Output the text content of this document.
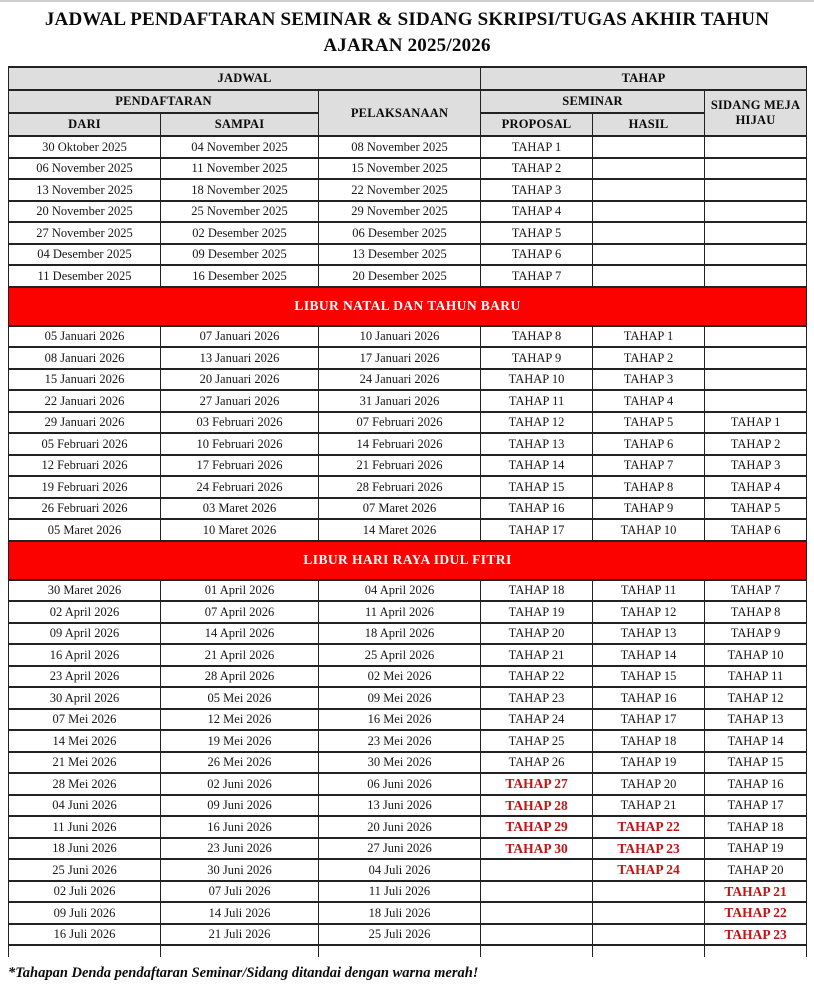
JADWAL PENDAFTARAN SEMINAR & SIDANG SKRIPSI/TUGAS AKHIR TAHUN AJARAN 2025/2026
JADWAL			TAHAP		
PENDAFTARAN		PELAKSANAAN	SEMINAR		SIDANG MEJA HIJAU
DARI	SAMPAI		PROPOSAL	HASIL	
30 Oktober 2025	04 November 2025	08 November 2025	TAHAP 1		
06 November 2025	11 November 2025	15 November 2025	TAHAP 2		
13 November 2025	18 November 2025	22 November 2025	TAHAP 3		
20 November 2025	25 November 2025	29 November 2025	TAHAP 4		
27 November 2025	02 Desember 2025	06 Desember 2025	TAHAP 5		
04 Desember 2025	09 Desember 2025	13 Desember 2025	TAHAP 6		
11 Desember 2025	16 Desember 2025	20 Desember 2025	TAHAP 7		
LIBUR NATAL DAN TAHUN BARU					
05 Januari 2026	07 Januari 2026	10 Januari 2026	TAHAP 8	TAHAP 1	
08 Januari 2026	13 Januari 2026	17 Januari 2026	TAHAP 9	TAHAP 2	
15 Januari 2026	20 Januari 2026	24 Januari 2026	TAHAP 10	TAHAP 3	
22 Januari 2026	27 Januari 2026	31 Januari 2026	TAHAP 11	TAHAP 4	
29 Januari 2026	03 Februari 2026	07 Februari 2026	TAHAP 12	TAHAP 5	TAHAP 1
05 Februari 2026	10 Februari 2026	14 Februari 2026	TAHAP 13	TAHAP 6	TAHAP 2
12 Februari 2026	17 Februari 2026	21 Februari 2026	TAHAP 14	TAHAP 7	TAHAP 3
19 Februari 2026	24 Februari 2026	28 Februari 2026	TAHAP 15	TAHAP 8	TAHAP 4
26 Februari 2026	03 Maret 2026	07 Maret 2026	TAHAP 16	TAHAP 9	TAHAP 5
05 Maret 2026	10 Maret 2026	14 Maret 2026	TAHAP 17	TAHAP 10	TAHAP 6
LIBUR HARI RAYA IDUL FITRI					
30 Maret 2026	01 April 2026	04 April 2026	TAHAP 18	TAHAP 11	TAHAP 7
02 April 2026	07 April 2026	11 April 2026	TAHAP 19	TAHAP 12	TAHAP 8
09 April 2026	14 April 2026	18 April 2026	TAHAP 20	TAHAP 13	TAHAP 9
16 April 2026	21 April 2026	25 April 2026	TAHAP 21	TAHAP 14	TAHAP 10
23 April 2026	28 April 2026	02 Mei 2026	TAHAP 22	TAHAP 15	TAHAP 11
30 April 2026	05 Mei 2026	09 Mei 2026	TAHAP 23	TAHAP 16	TAHAP 12
07 Mei 2026	12 Mei 2026	16 Mei 2026	TAHAP 24	TAHAP 17	TAHAP 13
14 Mei 2026	19 Mei 2026	23 Mei 2026	TAHAP 25	TAHAP 18	TAHAP 14
21 Mei 2026	26 Mei 2026	30 Mei 2026	TAHAP 26	TAHAP 19	TAHAP 15
28 Mei 2026	02 Juni 2026	06 Juni 2026	TAHAP 27	TAHAP 20	TAHAP 16
04 Juni 2026	09 Juni 2026	13 Juni 2026	TAHAP 28	TAHAP 21	TAHAP 17
11 Juni 2026	16 Juni 2026	20 Juni 2026	TAHAP 29	TAHAP 22	TAHAP 18
18 Juni 2026	23 Juni 2026	27 Juni 2026	TAHAP 30	TAHAP 23	TAHAP 19
25 Juni 2026	30 Juni 2026	04 Juli 2026		TAHAP 24	TAHAP 20
02 Juli 2026	07 Juli 2026	11 Juli 2026			TAHAP 21
09 Juli 2026	14 Juli 2026	18 Juli 2026			TAHAP 22
16 Juli 2026	21 Juli 2026	25 Juli 2026			TAHAP 23

*Tahapan Denda pendaftaran Seminar/Sidang ditandai dengan warna merah!
